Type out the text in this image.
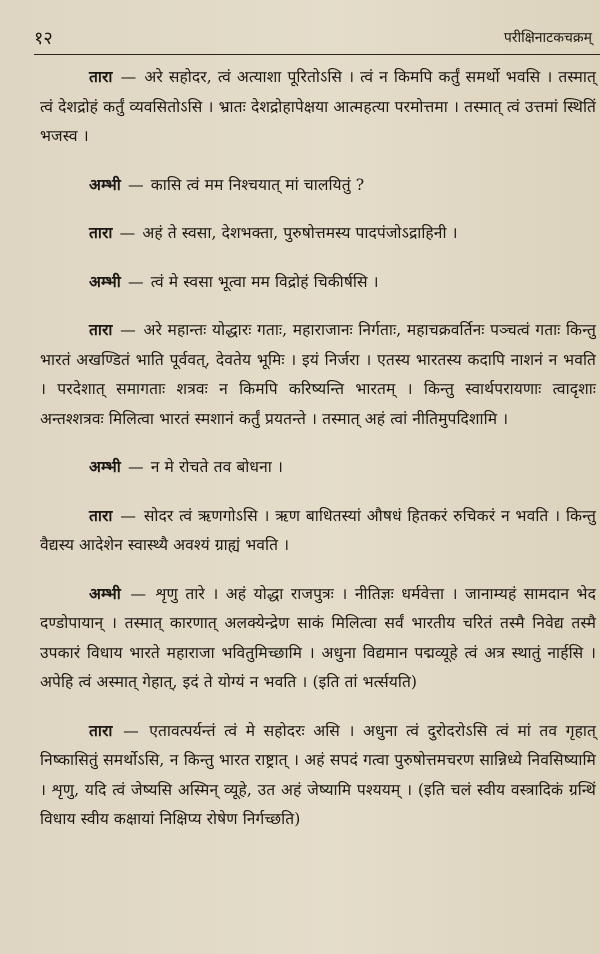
१२	परीक्षिनाटकचक्रम्

तारा — अरे सहोदर, त्वं अत्याशा पूरितोऽसि । त्वं न किमपि कर्तुं समर्थो भवसि । तस्मात् त्वं देशद्रोहं कर्तुं व्यवसितोऽसि । भ्रातः देशद्रोहापेक्षया आत्महत्या परमोत्तमा । तस्मात् त्वं उत्तमां स्थितिं भजस्व ।

अम्भी — कासि त्वं मम निश्चयात् मां चालयितुं ?

तारा — अहं ते स्वसा, देशभक्ता, पुरुषोत्तमस्य पादपंजोऽद्राहिनी ।

अम्भी — त्वं मे स्वसा भूत्वा मम विद्रोहं चिकीर्षसि ।

तारा — अरे महान्तः योद्धारः गताः, महाराजानः निर्गताः, महाचक्रवर्तिनः पञ्चत्वं गताः किन्तु भारतं अखण्डितं भाति पूर्ववत्, देवतेय भूमिः । इयं निर्जरा । एतस्य भारतस्य कदापि नाशनं न भवति । परदेशात् समागताः शत्रवः न किमपि करिष्यन्ति भारतम् । किन्तु स्वार्थपरायणाः त्वादृशाः अन्तश्शत्रवः मिलित्वा भारतं स्मशानं कर्तुं प्रयतन्ते । तस्मात् अहं त्वां नीतिमुपदिशामि ।

अम्भी — न मे रोचते तव बोधना ।

तारा — सोदर त्वं ऋणगोऽसि । ऋण बाधितस्यां औषधं हितकरं रुचिकरं न भवति । किन्तु वैद्यस्य आदेशेन स्वास्थ्यै अवश्यं ग्राह्यं भवति ।

अम्भी — शृणु तारे । अहं योद्धा राजपुत्रः । नीतिज्ञः धर्मवेत्ता । जानाम्यहं सामदान भेद दण्डोपायान् । तस्मात् कारणात् अलक्येन्द्रेण साकं मिलित्वा सर्वं भारतीय चरितं तस्मै निवेद्य तस्मै उपकारं विधाय भारते महाराजा भवितुमिच्छामि । अधुना विद्यमान पद्मव्यूहे त्वं अत्र स्थातुं नार्हसि । अपेहि त्वं अस्मात् गेहात्, इदं ते योग्यं न भवति । (इति तां भर्त्सयति)

तारा — एतावत्पर्यन्तं त्वं मे सहोदरः असि । अधुना त्वं दुरोदरोऽसि त्वं मां तव गृहात् निष्कासितुं समर्थोऽसि, न किन्तु भारत राष्ट्रात् । अहं सपदं गत्वा पुरुषोत्तमचरण सान्निध्ये निवसिष्यामि । शृणु, यदि त्वं जेष्यसि अस्मिन् व्यूहे, उत अहं जेष्यामि पश्ययम् । (इति चलं स्वीय वस्त्रादिकं ग्रन्थिं विधाय स्वीय कक्षायां निक्षिप्य रोषेण निर्गच्छति)
